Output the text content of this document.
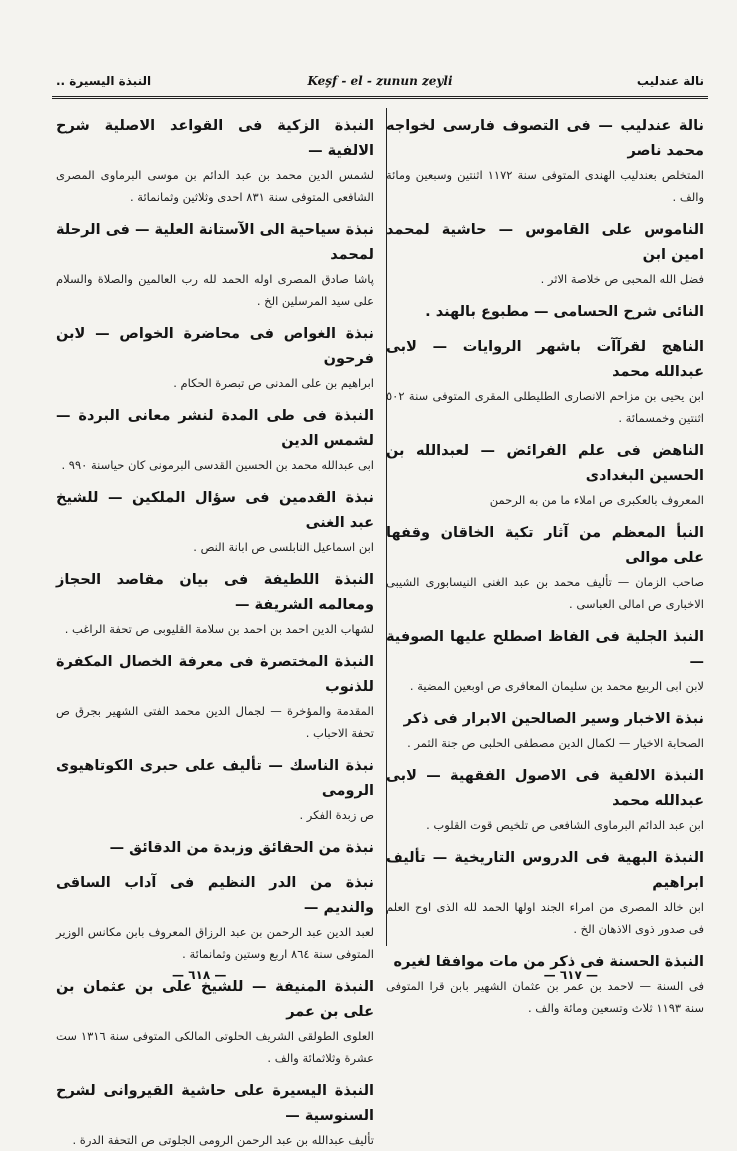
نالة عندليب
Keşf - el - zunun zeyli
النبذة اليسيرة ..

نالة عندليب — فى التصوف فارسى لخواجه محمد ناصر

المتخلص بعندليب الهندى المتوفى سنة ١١٧٢ اثنتين وسبعين ومائة والف .

الناموس على القاموس — حاشية لمحمد امين ابن

فضل الله المحبى ص خلاصة الاثر .

النائى شرح الحسامى — مطبوع بالهند .

الناهج لقرآآت باشهر الروايات — لابى عبدالله محمد

ابن يحيى بن مزاحم الانصارى الطليطلى المقرى المتوفى سنة ٥٠٢ اثنتين وخمسمائة .

الناهض فى علم الفرائض — لعبدالله بن الحسين البغدادى

المعروف بالعكبرى ص املاء ما من به الرحمن

النبأ المعظم من آثار تكية الخاقان وقفها على موالى

صاحب الزمان — تأليف محمد بن عبد الغنى النيسابورى الشيبى الاخبارى ص امالى العباسى .

النبذ الجلية فى الفاظ اصطلح عليها الصوفية —

لابن ابى الربيع محمد بن سليمان المعافرى ص اوبعين المضية .

نبذة الاخبار وسير الصالحين الابرار فى ذكر

الصحابة الاخيار — لكمال الدين مصطفى الحلبى ص جنة الثمر .

النبذة الالفية فى الاصول الفقهية — لابى عبدالله محمد

ابن عبد الدائم البرماوى الشافعى ص تلخيص قوت القلوب .

النبذة البهية فى الدروس التاريخية — تأليف ابراهيم

ابن خالد المصرى من امراء الجند اولها الحمد لله الذى اوح العلم فى صدور ذوى الاذهان الخ .

النبذة الحسنة فى ذكر من مات موافقا لغيره

فى السنة — لاحمد بن عمر بن عثمان الشهير بابن قرا المتوفى سنة ١١٩٣ ثلاث وتسعين ومائة والف .

النبذة الزكية فى القواعد الاصلية شرح الالفية —

لشمس الدين محمد بن عبد الدائم بن موسى البرماوى المصرى الشافعى المتوفى سنة ٨٣١ احدى وثلاثين وثمانمائة .

نبذة سياحية الى الآستانة العلية — فى الرحلة لمحمد

پاشا صادق المصرى اوله الحمد لله رب العالمين والصلاة والسلام على سيد المرسلين الخ .

نبذة الغواص فى محاضرة الخواص — لابن فرحون

ابراهيم بن على المدنى ص تبصرة الحكام .

النبذة فى طى المدة لنشر معانى البردة — لشمس الدين

ابى عبدالله محمد بن الحسين القدسى البرمونى كان حياسنة ٩٩٠ .

نبذة القدمين فى سؤال الملكين — للشيخ عبد الغنى

ابن اسماعيل النابلسى ص ابانة النص .

النبذة اللطيفة فى بيان مقاصد الحجاز ومعالمه الشريفة —

لشهاب الدين احمد بن احمد بن سلامة القليوبى ص تحفة الراغب .

النبذة المختصرة فى معرفة الخصال المكفرة للذنوب

المقدمة والمؤخرة — لجمال الدين محمد الفتى الشهير بجرق ص تحفة الاحباب .

نبذة الناسك — تأليف على حبرى الكوتاهيوى الرومى

ص زبدة الفكر .

نبذة من الحقائق وزبدة من الدقائق —

نبذة من الدر النظيم فى آداب الساقى والنديم —

لعبد الدين عبد الرحمن بن عبد الرزاق المعروف بابن مكانس الوزير المتوفى سنة ٨٦٤ اربع وستين وثمانمائة .

النبذة المنيفة — للشيخ على بن عثمان بن على بن عمر

العلوى الطولقى الشريف الحلوتى المالكى المتوفى سنة ١٣١٦ ست عشرة وثلاثمائة والف .

النبذة اليسيرة على حاشية القيروانى لشرح السنوسية —

تأليف عبدالله بن عبد الرحمن الرومى الجلوتى ص التحفة الدرة .

— ٦١٧ —
— ٦١٨ —
